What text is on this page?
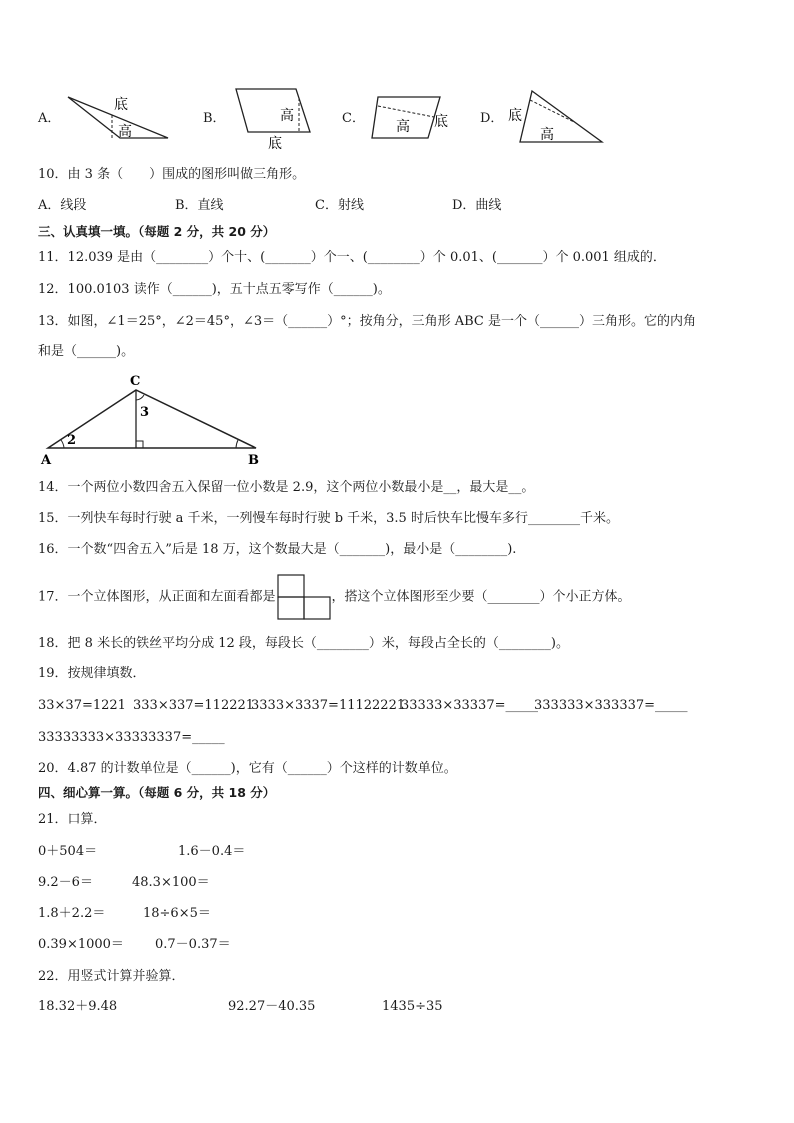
A．
底
高
B．	高
底
C．
高 底 D． 底
高
10．由 3 条（　　）围成的图形叫做三角形。
A．线段	B．直线	C．射线	D．曲线
三、认真填一填。（每题 2 分，共 20 分）
11．12.039 是由（________）个十、(_______）个一、(________）个 0.01、(_______）个 0.001 组成的．
12．100.0103 读作（______)，五十点五零写作（______)。
13．如图，∠1＝25°，∠2＝45°，∠3＝（______）°；按角分，三角形 ABC 是一个（______）三角形。它的内角
和是（______)。
2
3
C
A	B
14．一个两位小数四舍五入保留一位小数是 2.9，这个两位小数最小是__，最大是__。
15．一列快车每时行驶 a 千米，一列慢车每时行驶 b 千米，3.5 时后快车比慢车多行________千米。
16．一个数“四舍五入”后是 18 万，这个数最大是（_______)，最小是（________).
17．一个立体图形，从正面和左面看都是	，搭这个立体图形至少要（________）个小正方体。
18．把 8 米长的铁丝平均分成 12 段，每段长（________）米，每段占全长的（________)。
19．按规律填数．
33×37=1221 333×337=112221
3333×3337=11122221
33333×33337=_____
333333×333337=_____
33333333×33333337=_____
20．4.87 的计数单位是（______)，它有（______）个这样的计数单位。
四、细心算一算。（每题 6 分，共 18 分）
21．口算．
0＋504＝	1.6－0.4＝
9.2－6＝	48.3×100＝
1.8＋2.2＝	18÷6×5＝
0.39×1000＝ 0.7－0.37＝
22．用竖式计算并验算．
18.32＋9.48	92.27－40.35	1435÷35
